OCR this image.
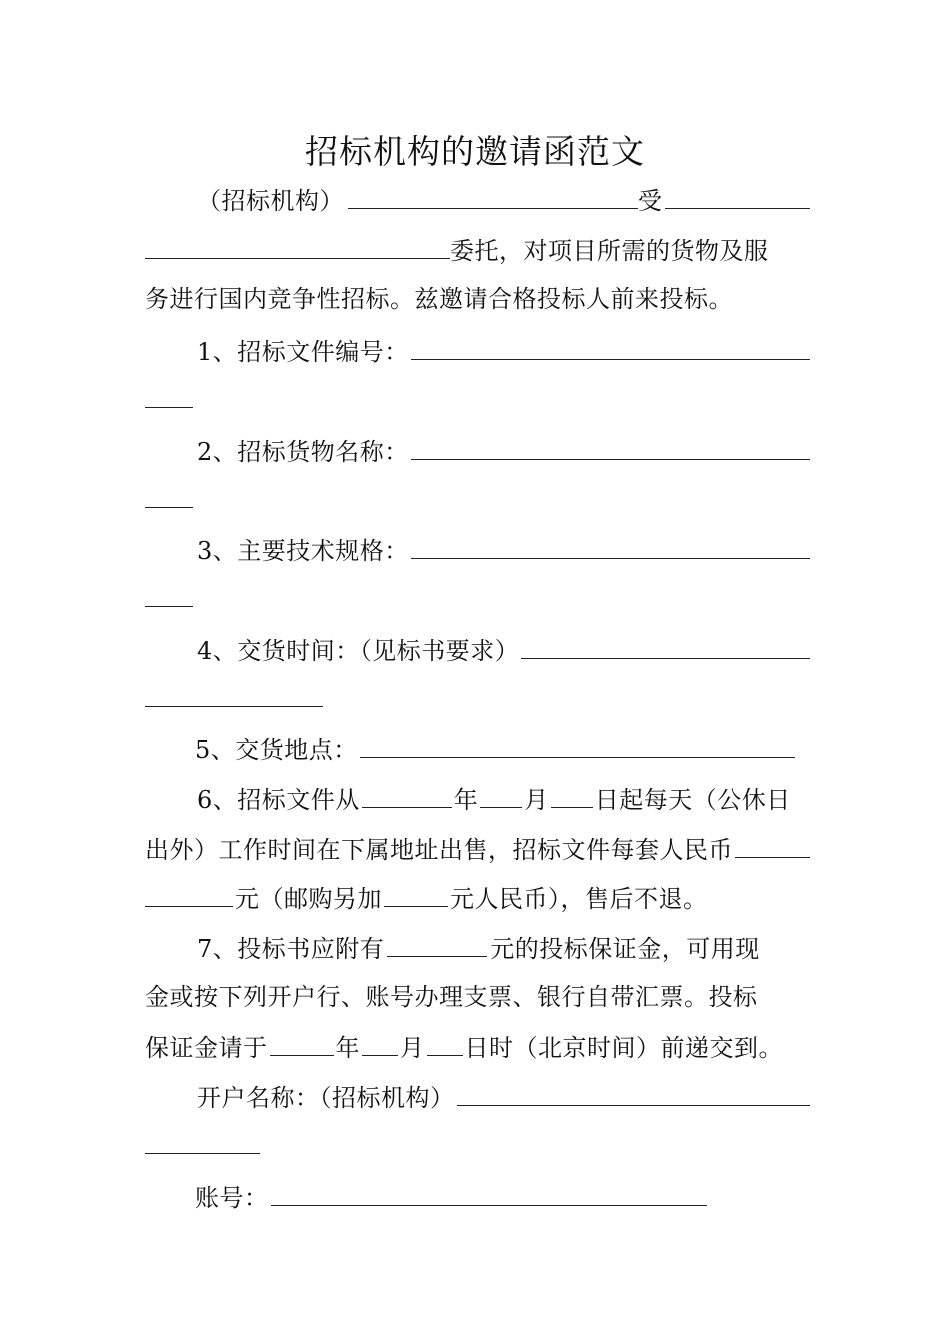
招标机构的邀请函范文
（招标机构）	受
委托，对项目所需的货物及服
务进行国内竞争性招标。兹邀请合格投标人前来投标。
1、招标文件编号：
2、招标货物名称：
3、主要技术规格：
4、交货时间：（见标书要求）
5、交货地点：
6、招标文件从	年 月 日起每天（公休日
出外）工作时间在下属地址出售，招标文件每套人民币
元（邮购另加	元人民币），售后不退。
7、投标书应附有	元的投标保证金，可用现
金或按下列开户行、账号办理支票、银行自带汇票。投标
保证金请于	年 月 日时（北京时间）前递交到。
开户名称：（招标机构）
账号：
